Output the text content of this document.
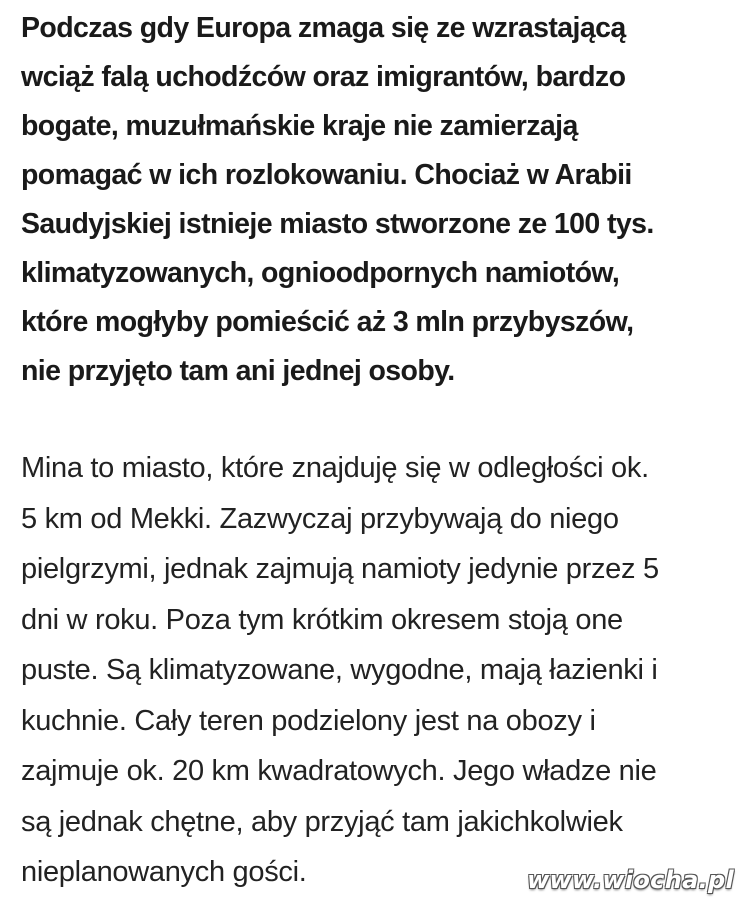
Podczas gdy Europa zmaga się ze wzrastającą
wciąż falą uchodźców oraz imigrantów, bardzo
bogate, muzułmańskie kraje nie zamierzają
pomagać w ich rozlokowaniu. Chociaż w Arabii
Saudyjskiej istnieje miasto stworzone ze 100 tys.
klimatyzowanych, ognioodpornych namiotów,
które mogłyby pomieścić aż 3 mln przybyszów,
nie przyjęto tam ani jednej osoby.

Mina to miasto, które znajduję się w odległości ok.
5 km od Mekki. Zazwyczaj przybywają do niego
pielgrzymi, jednak zajmują namioty jedynie przez 5
dni w roku. Poza tym krótkim okresem stoją one
puste. Są klimatyzowane, wygodne, mają łazienki i
kuchnie. Cały teren podzielony jest na obozy i
zajmuje ok. 20 km kwadratowych. Jego władze nie
są jednak chętne, aby przyjąć tam jakichkolwiek
nieplanowanych gości.	www.wiocha.pl
